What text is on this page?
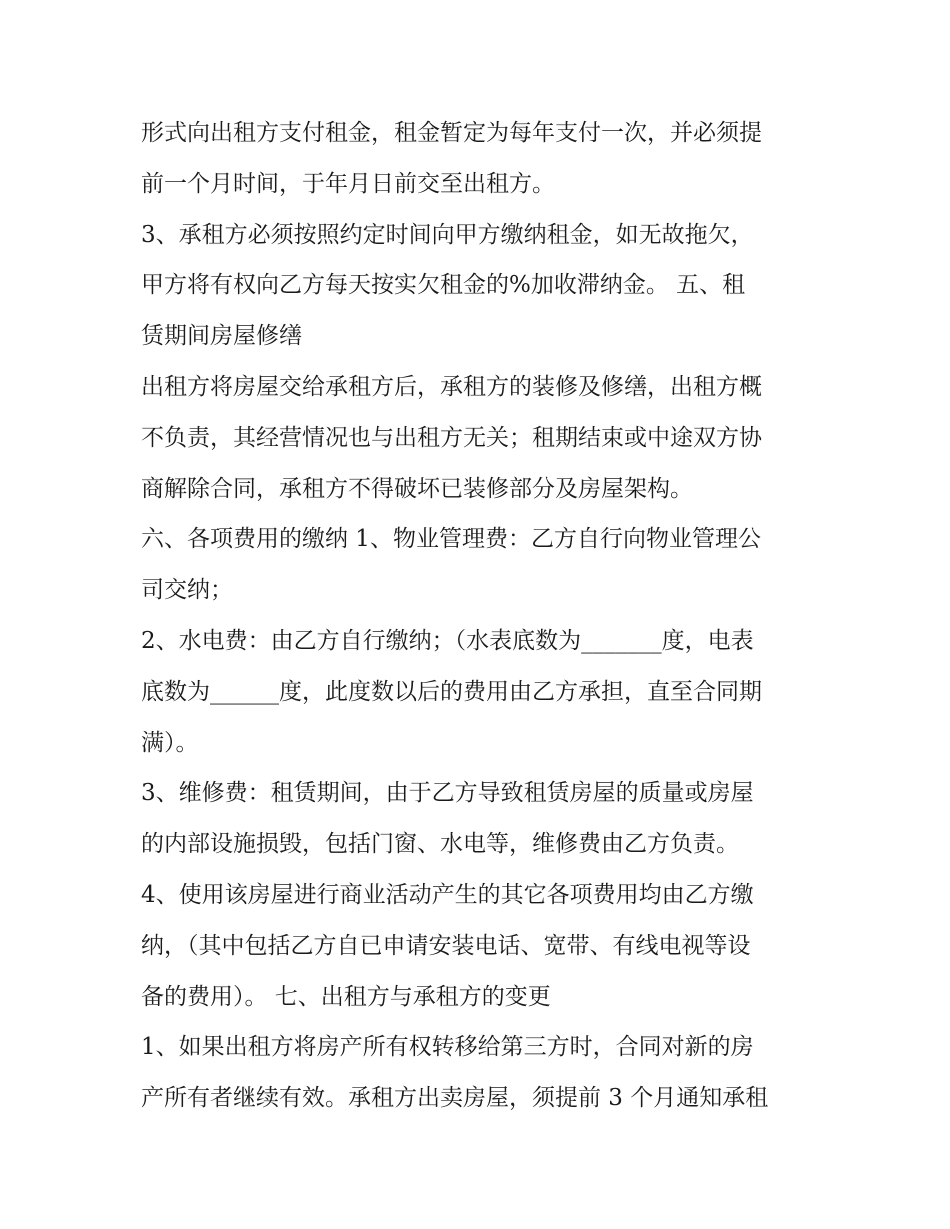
形式向出租方支付租金，租金暂定为每年支付一次，并必须提
前一个月时间，于年月日前交至出租方。
3、承租方必须按照约定时间向甲方缴纳租金，如无故拖欠，
甲方将有权向乙方每天按实欠租金的%加收滞纳金。 五、租
赁期间房屋修缮
出租方将房屋交给承租方后，承租方的装修及修缮，出租方概
不负责，其经营情况也与出租方无关；租期结束或中途双方协
商解除合同，承租方不得破坏已装修部分及房屋架构。
六、各项费用的缴纳 1、物业管理费：乙方自行向物业管理公
司交纳；
2、水电费：由乙方自行缴纳；（水表底数为_______度，电表
底数为______度，此度数以后的费用由乙方承担，直至合同期
满）。
3、维修费：租赁期间，由于乙方导致租赁房屋的质量或房屋
的内部设施损毁，包括门窗、水电等，维修费由乙方负责。
4、使用该房屋进行商业活动产生的其它各项费用均由乙方缴
纳，（其中包括乙方自已申请安装电话、宽带、有线电视等设
备的费用）。 七、出租方与承租方的变更
1、如果出租方将房产所有权转移给第三方时，合同对新的房
产所有者继续有效。承租方出卖房屋，须提前 3 个月通知承租
